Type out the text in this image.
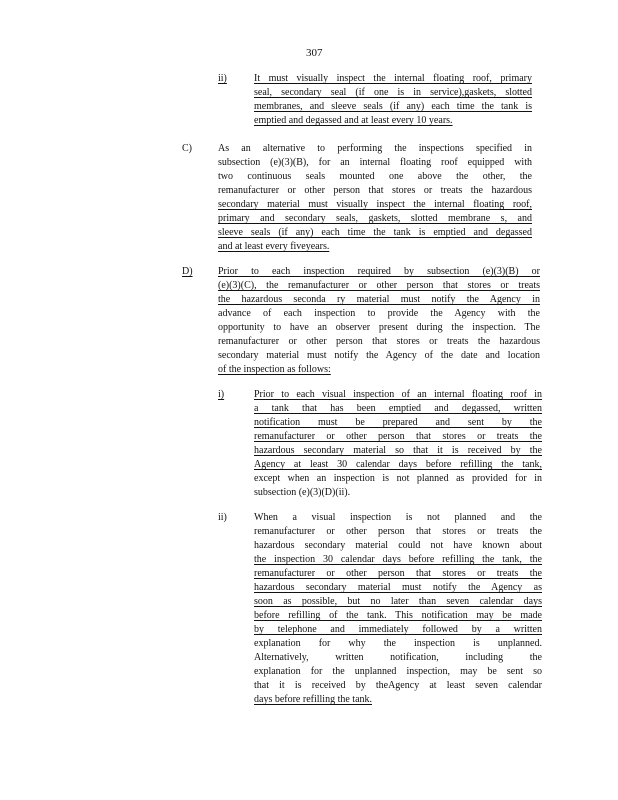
307
ii)	It must visually inspect the internal floating roof, primary
seal, secondary seal (if one is in service),gaskets, slotted
membranes, and sleeve seals (if any) each time the tank is
emptied and degassed and at least every 10 years.
C)	As an alternative to performing the inspections specified in
subsection (e)(3)(B), for an internal floating roof equipped with
two continuous seals mounted one above the other, the
remanufacturer or other person that stores or treats the hazardous
secondary material must visually inspect the internal floating roof,
primary and secondary seals, gaskets, slotted membrane s, and
sleeve seals (if any) each time the tank is emptied and degassed
and at least every fiveyears.
D)	Prior to each inspection required by subsection (e)(3)(B) or
(e)(3)(C), the remanufacturer or other person that stores or treats
the hazardous seconda ry material must notify the Agency in
advance of each inspection to provide the Agency with the
opportunity to have an observer present during the inspection. The
remanufacturer or other person that stores or treats the hazardous
secondary material must notify the Agency of the date and location
of the inspection as follows:
i)	Prior to each visual inspection of an internal floating roof in
a tank that has been emptied and degassed, written
notification must be prepared and sent by the
remanufacturer or other person that stores or treats the
hazardous secondary material so that it is received by the
Agency at least 30 calendar days before refilling the tank,
except when an inspection is not planned as provided for in
subsection (e)(3)(D)(ii).
ii)	When a visual inspection is not planned and the
remanufacturer or other person that stores or treats the
hazardous secondary material could not have known about
the inspection 30 calendar days before refilling the tank, the
remanufacturer or other person that stores or treats the
hazardous secondary material must notify the Agency as
soon as possible, but no later than seven calendar days
before refilling of the tank. This notification may be made
by telephone and immediately followed by a written
explanation for why the inspection is unplanned.
Alternatively, written notification, including the
explanation for the unplanned inspection, may be sent so
that it is received by theAgency at least seven calendar
days before refilling the tank.
